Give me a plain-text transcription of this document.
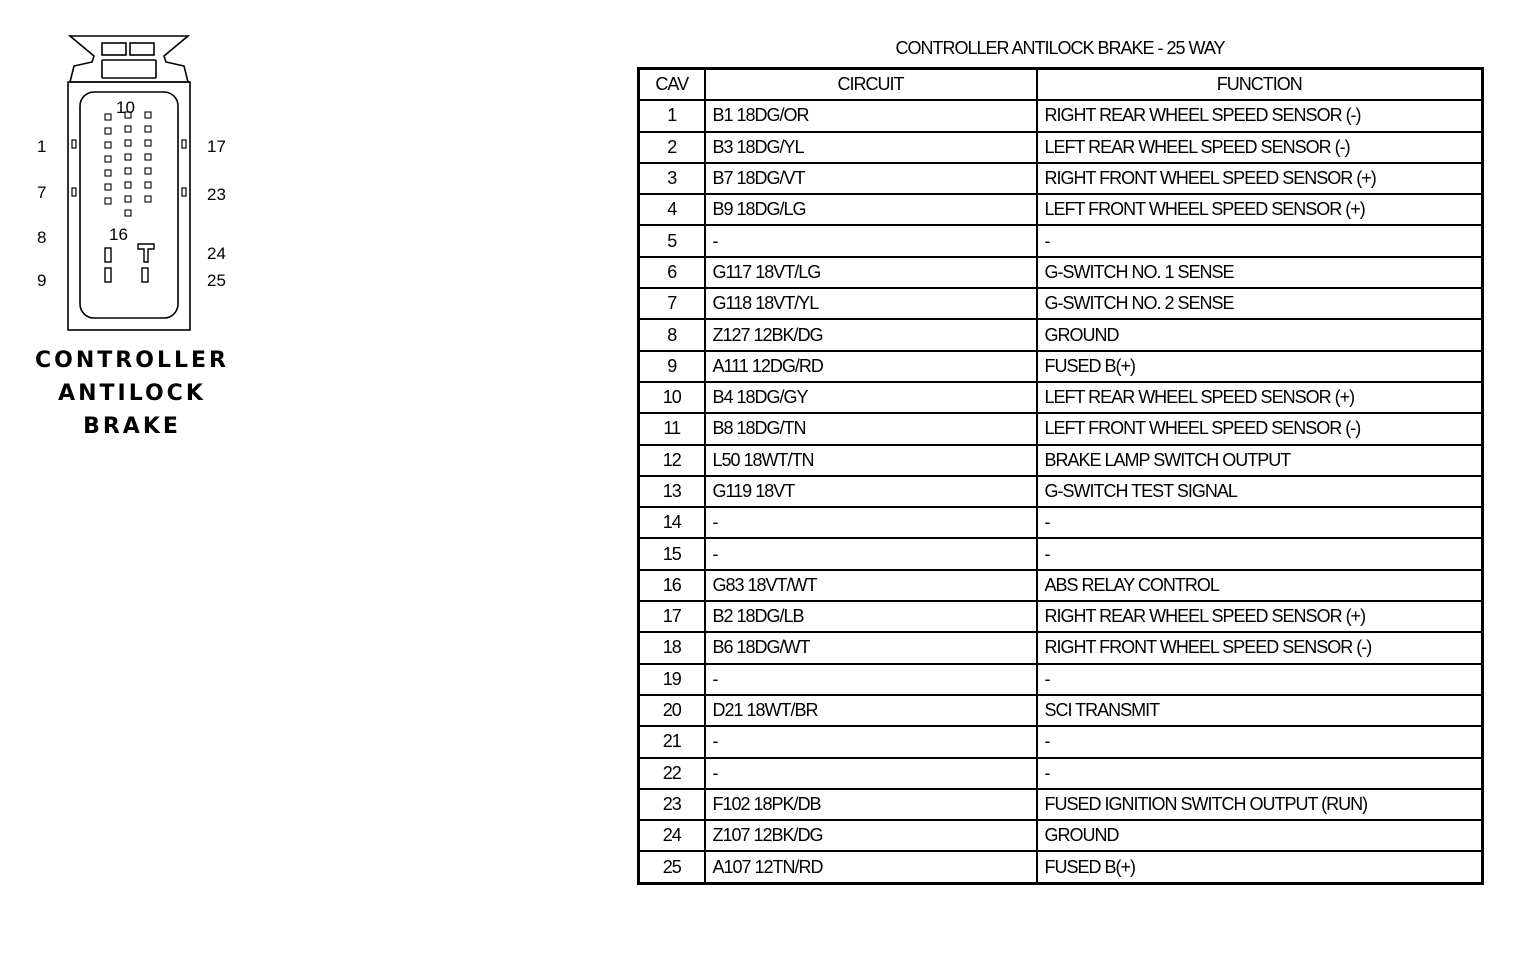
10
1	17
7	23
8	16
24
9	25
CONTROLLER
ANTILOCK
BRAKE
CONTROLLER ANTILOCK BRAKE - 25 WAY
CAV	CIRCUIT	FUNCTION
1	B1 18DG/OR	RIGHT REAR WHEEL SPEED SENSOR (-)
2	B3 18DG/YL	LEFT REAR WHEEL SPEED SENSOR (-)
3	B7 18DG/VT	RIGHT FRONT WHEEL SPEED SENSOR (+)
4	B9 18DG/LG	LEFT FRONT WHEEL SPEED SENSOR (+)
5	-	-
6	G117 18VT/LG	G-SWITCH NO. 1 SENSE
7	G118 18VT/YL	G-SWITCH NO. 2 SENSE
8	Z127 12BK/DG	GROUND
9	A111 12DG/RD	FUSED B(+)
10	B4 18DG/GY	LEFT REAR WHEEL SPEED SENSOR (+)
11	B8 18DG/TN	LEFT FRONT WHEEL SPEED SENSOR (-)
12	L50 18WT/TN	BRAKE LAMP SWITCH OUTPUT
13	G119 18VT	G-SWITCH TEST SIGNAL
14	-	-
15	-	-
16	G83 18VT/WT	ABS RELAY CONTROL
17	B2 18DG/LB	RIGHT REAR WHEEL SPEED SENSOR (+)
18	B6 18DG/WT	RIGHT FRONT WHEEL SPEED SENSOR (-)
19	-	-
20	D21 18WT/BR	SCI TRANSMIT
21	-	-
22	-	-
23	F102 18PK/DB	FUSED IGNITION SWITCH OUTPUT (RUN)
24	Z107 12BK/DG	GROUND
25	A107 12TN/RD	FUSED B(+)
